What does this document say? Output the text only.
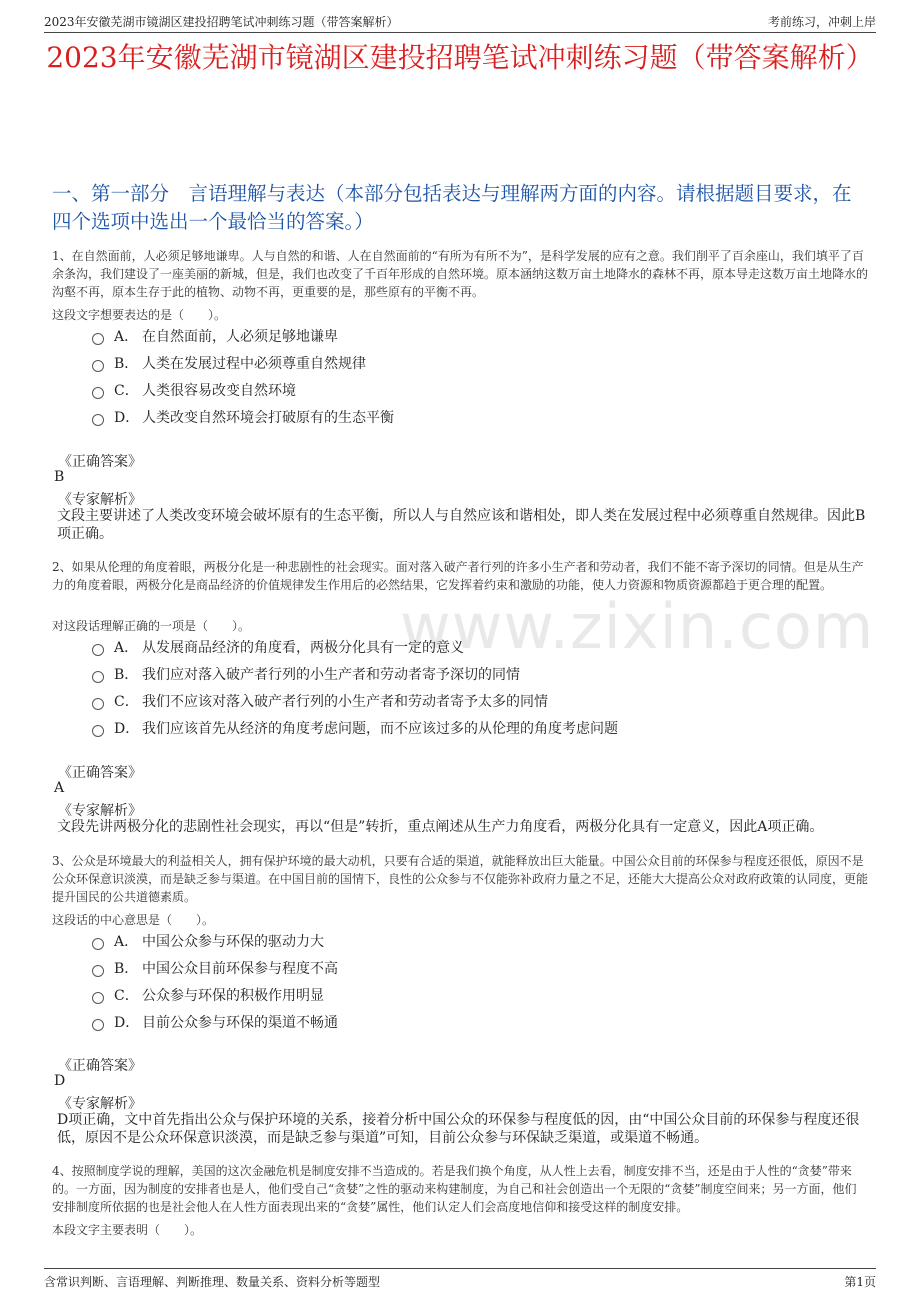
2023年安徽芜湖市镜湖区建投招聘笔试冲刺练习题（带答案解析）	考前练习，冲刺上岸
2023年安徽芜湖市镜湖区建投招聘笔试冲刺练习题（带答案解析）
一、第一部分　言语理解与表达（本部分包括表达与理解两方面的内容。请根据题目要求，在四个选项中选出一个最恰当的答案。）
www.zixin.com
1、在自然面前，人必须足够地谦卑。人与自然的和谐、人在自然面前的“有所为有所不为”，是科学发展的应有之意。我们削平了百余座山，我们填平了百余条沟，我们建设了一座美丽的新城，但是，我们也改变了千百年形成的自然环境。原本涵纳这数万亩土地降水的森林不再，原本导走这数万亩土地降水的沟壑不再，原本生存于此的植物、动物不再，更重要的是，那些原有的平衡不再。
这段文字想要表达的是（　　）。
A． 在自然面前，人必须足够地谦卑
B． 人类在发展过程中必须尊重自然规律
C． 人类很容易改变自然环境
D． 人类改变自然环境会打破原有的生态平衡
《正确答案》
B
《专家解析》
文段主要讲述了人类改变环境会破坏原有的生态平衡，所以人与自然应该和谐相处，即人类在发展过程中必须尊重自然规律。因此B项正确。
2、如果从伦理的角度着眼，两极分化是一种悲剧性的社会现实。面对落入破产者行列的许多小生产者和劳动者，我们不能不寄予深切的同情。但是从生产力的角度着眼，两极分化是商品经济的价值规律发生作用后的必然结果，它发挥着约束和激励的功能，使人力资源和物质资源都趋于更合理的配置。
对这段话理解正确的一项是（　　）。
A． 从发展商品经济的角度看，两极分化具有一定的意义
B． 我们应对落入破产者行列的小生产者和劳动者寄予深切的同情
C． 我们不应该对落入破产者行列的小生产者和劳动者寄予太多的同情
D． 我们应该首先从经济的角度考虑问题，而不应该过多的从伦理的角度考虑问题
《正确答案》
A
《专家解析》
文段先讲两极分化的悲剧性社会现实，再以“但是”转折，重点阐述从生产力角度看，两极分化具有一定意义，因此A项正确。
3、公众是环境最大的利益相关人，拥有保护环境的最大动机，只要有合适的渠道，就能释放出巨大能量。中国公众目前的环保参与程度还很低，原因不是公众环保意识淡漠，而是缺乏参与渠道。在中国目前的国情下，良性的公众参与不仅能弥补政府力量之不足，还能大大提高公众对政府政策的认同度，更能提升国民的公共道德素质。
这段话的中心意思是（　　）。
A． 中国公众参与环保的驱动力大
B． 中国公众目前环保参与程度不高
C． 公众参与环保的积极作用明显
D． 目前公众参与环保的渠道不畅通
《正确答案》
D
《专家解析》
D项正确，文中首先指出公众与保护环境的关系，接着分析中国公众的环保参与程度低的因，由“中国公众目前的环保参与程度还很低，原因不是公众环保意识淡漠，而是缺乏参与渠道”可知，目前公众参与环保缺乏渠道，或渠道不畅通。
4、按照制度学说的理解，美国的这次金融危机是制度安排不当造成的。若是我们换个角度，从人性上去看，制度安排不当，还是由于人性的“贪婪”带来的。一方面，因为制度的安排者也是人，他们受自己“贪婪”之性的驱动来构建制度，为自己和社会创造出一个无限的“贪婪”制度空间来；另一方面，他们安排制度所依据的也是社会他人在人性方面表现出来的“贪婪”属性，他们认定人们会高度地信仰和接受这样的制度安排。
本段文字主要表明（　　）。
含常识判断、言语理解、判断推理、数量关系、资料分析等题型	第1页
